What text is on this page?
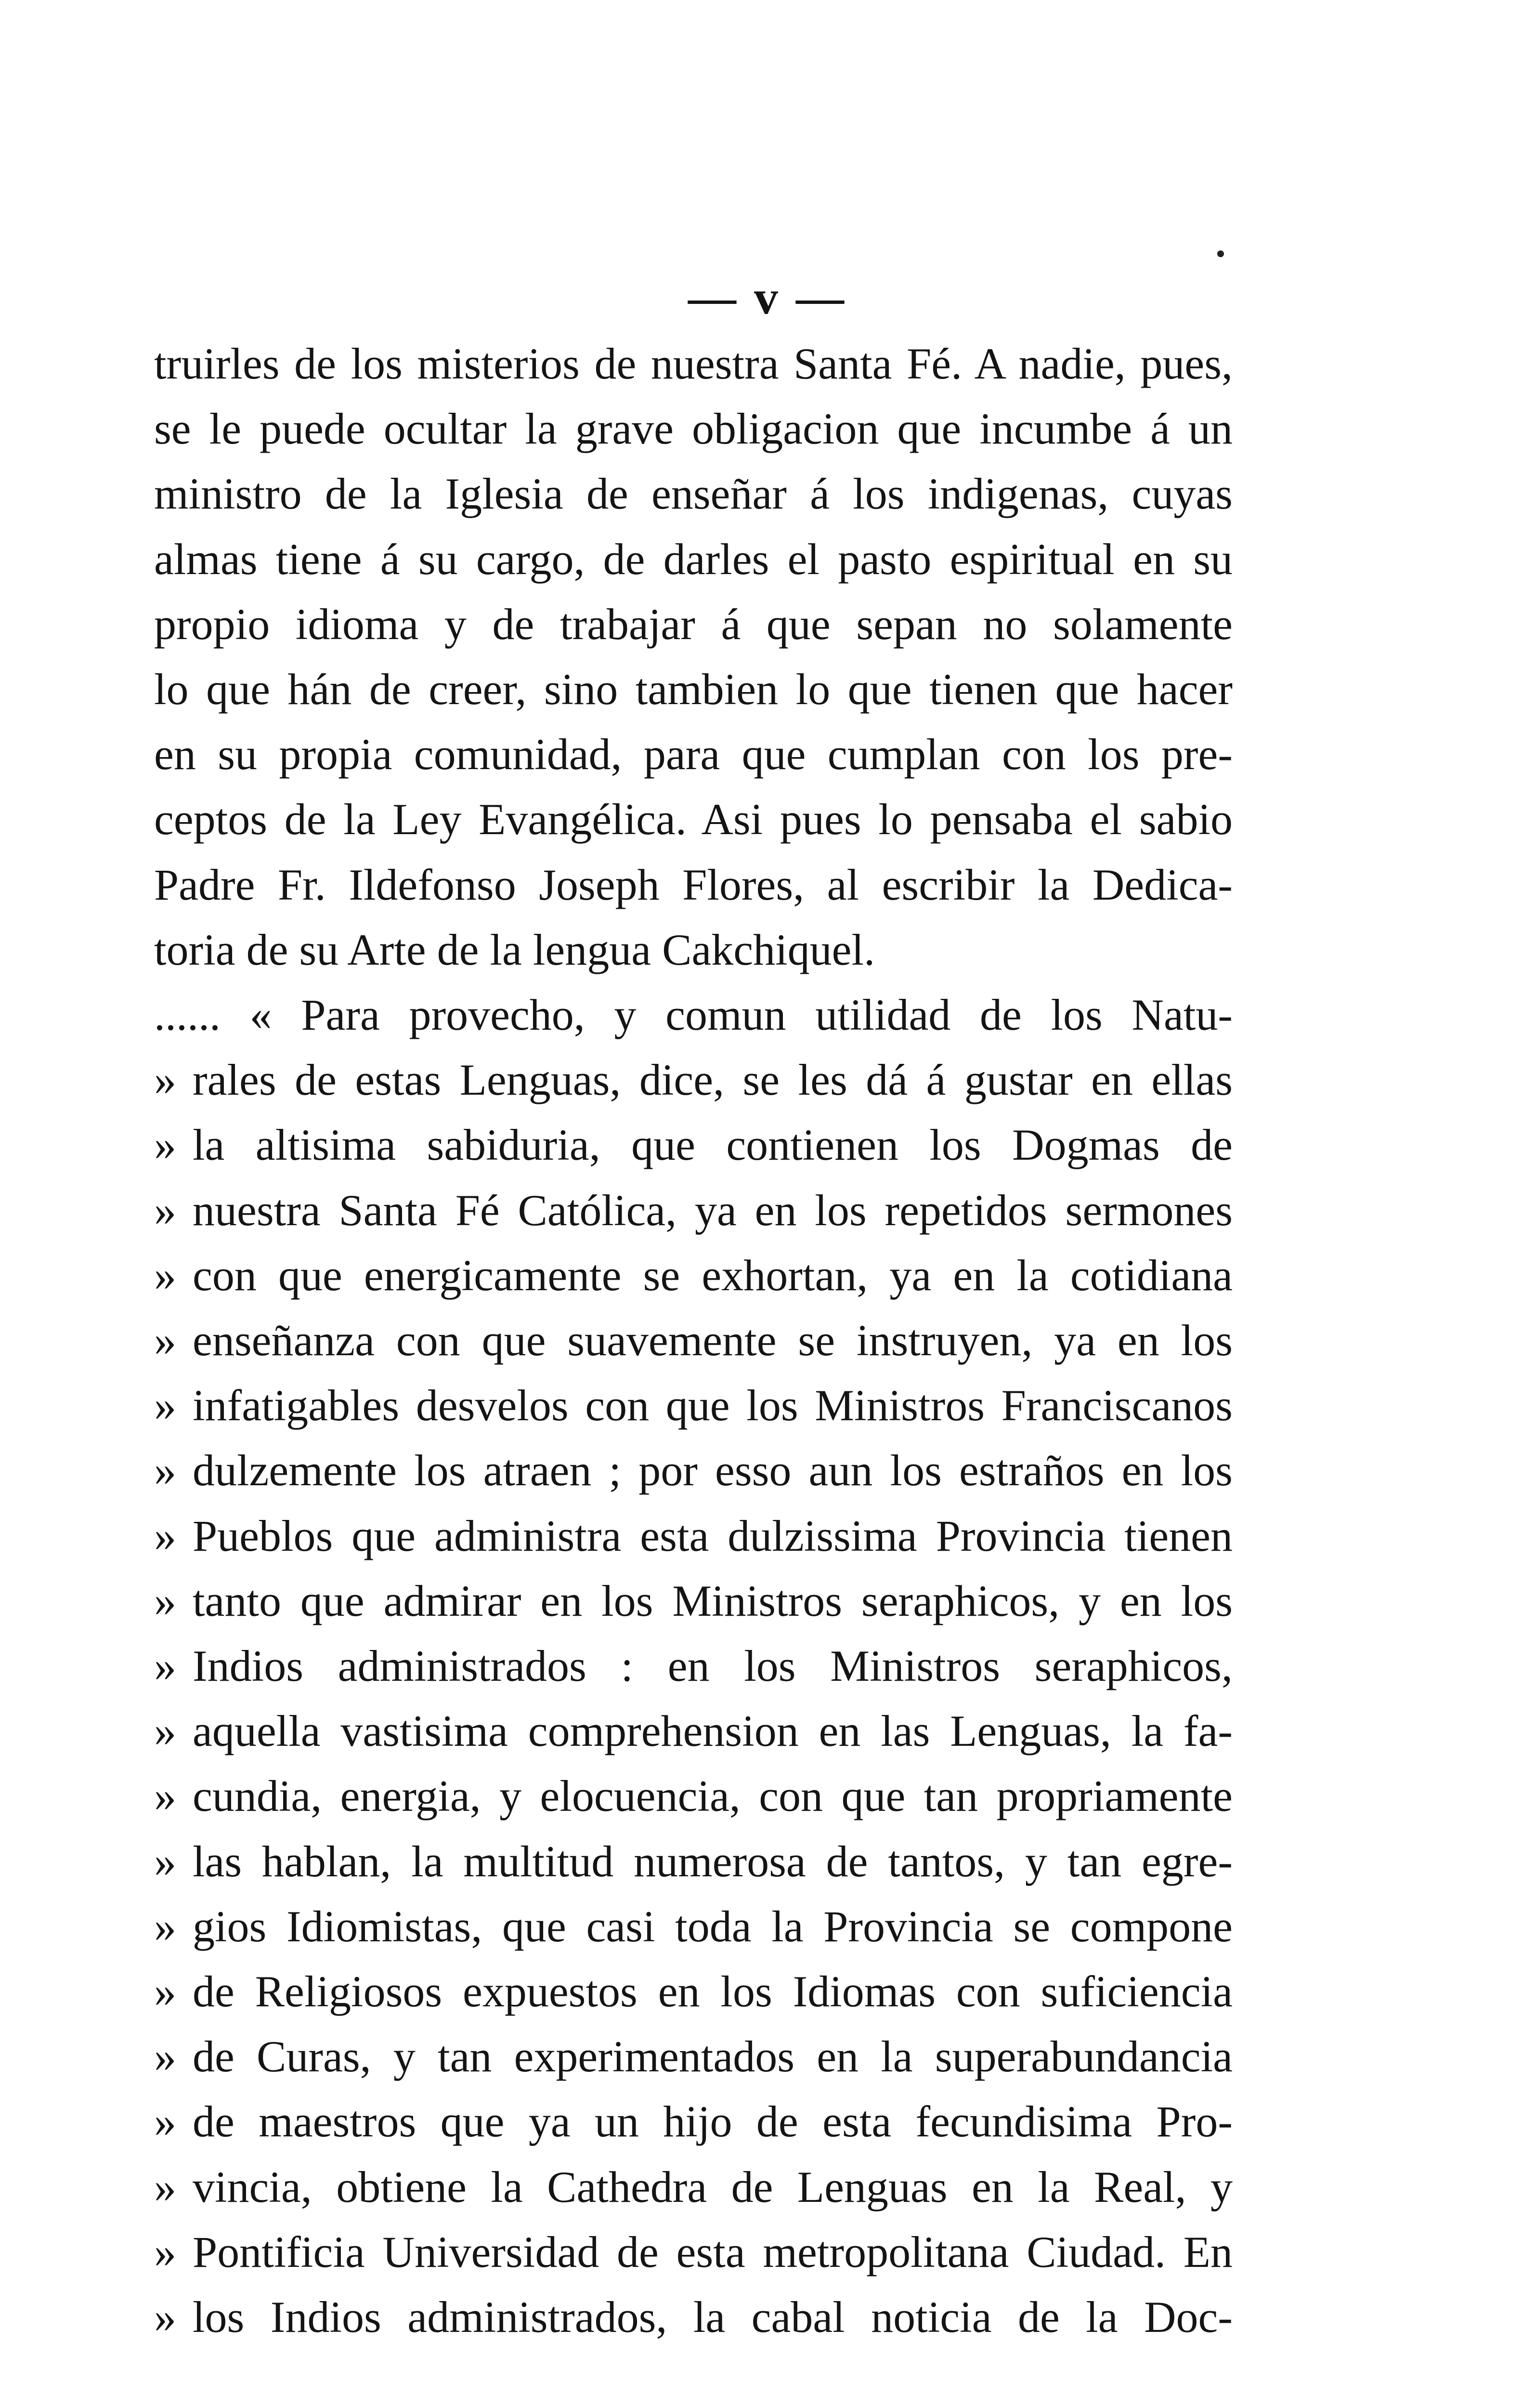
— v —
truirles de los misterios de nuestra Santa Fé. A nadie, pues,
se le puede ocultar la grave obligacion que incumbe á un
ministro de la Iglesia de enseñar á los indigenas, cuyas
almas tiene á su cargo, de darles el pasto espiritual en su
propio idioma y de trabajar á que sepan no solamente
lo que hán de creer, sino tambien lo que tienen que hacer
en su propia comunidad, para que cumplan con los pre-
ceptos de la Ley Evangélica. Asi pues lo pensaba el sabio
Padre Fr. Ildefonso Joseph Flores, al escribir la Dedica-
toria de su Arte de la lengua Cakchiquel.
...... « Para provecho, y comun utilidad de los Natu-
» rales de estas Lenguas, dice, se les dá á gustar en ellas
» la altisima sabiduria, que contienen los Dogmas de
» nuestra Santa Fé Católica, ya en los repetidos sermones
» con que energicamente se exhortan, ya en la cotidiana
» enseñanza con que suavemente se instruyen, ya en los
» infatigables desvelos con que los Ministros Franciscanos
» dulzemente los atraen ; por esso aun los estraños en los
» Pueblos que administra esta dulzissima Provincia tienen
» tanto que admirar en los Ministros seraphicos, y en los
» Indios administrados : en los Ministros seraphicos,
» aquella vastisima comprehension en las Lenguas, la fa-
» cundia, energia, y elocuencia, con que tan propriamente
» las hablan, la multitud numerosa de tantos, y tan egre-
» gios Idiomistas, que casi toda la Provincia se compone
» de Religiosos expuestos en los Idiomas con suficiencia
» de Curas, y tan experimentados en la superabundancia
» de maestros que ya un hijo de esta fecundisima Pro-
» vincia, obtiene la Cathedra de Lenguas en la Real, y
» Pontificia Universidad de esta metropolitana Ciudad. En
» los Indios administrados, la cabal noticia de la Doc-
